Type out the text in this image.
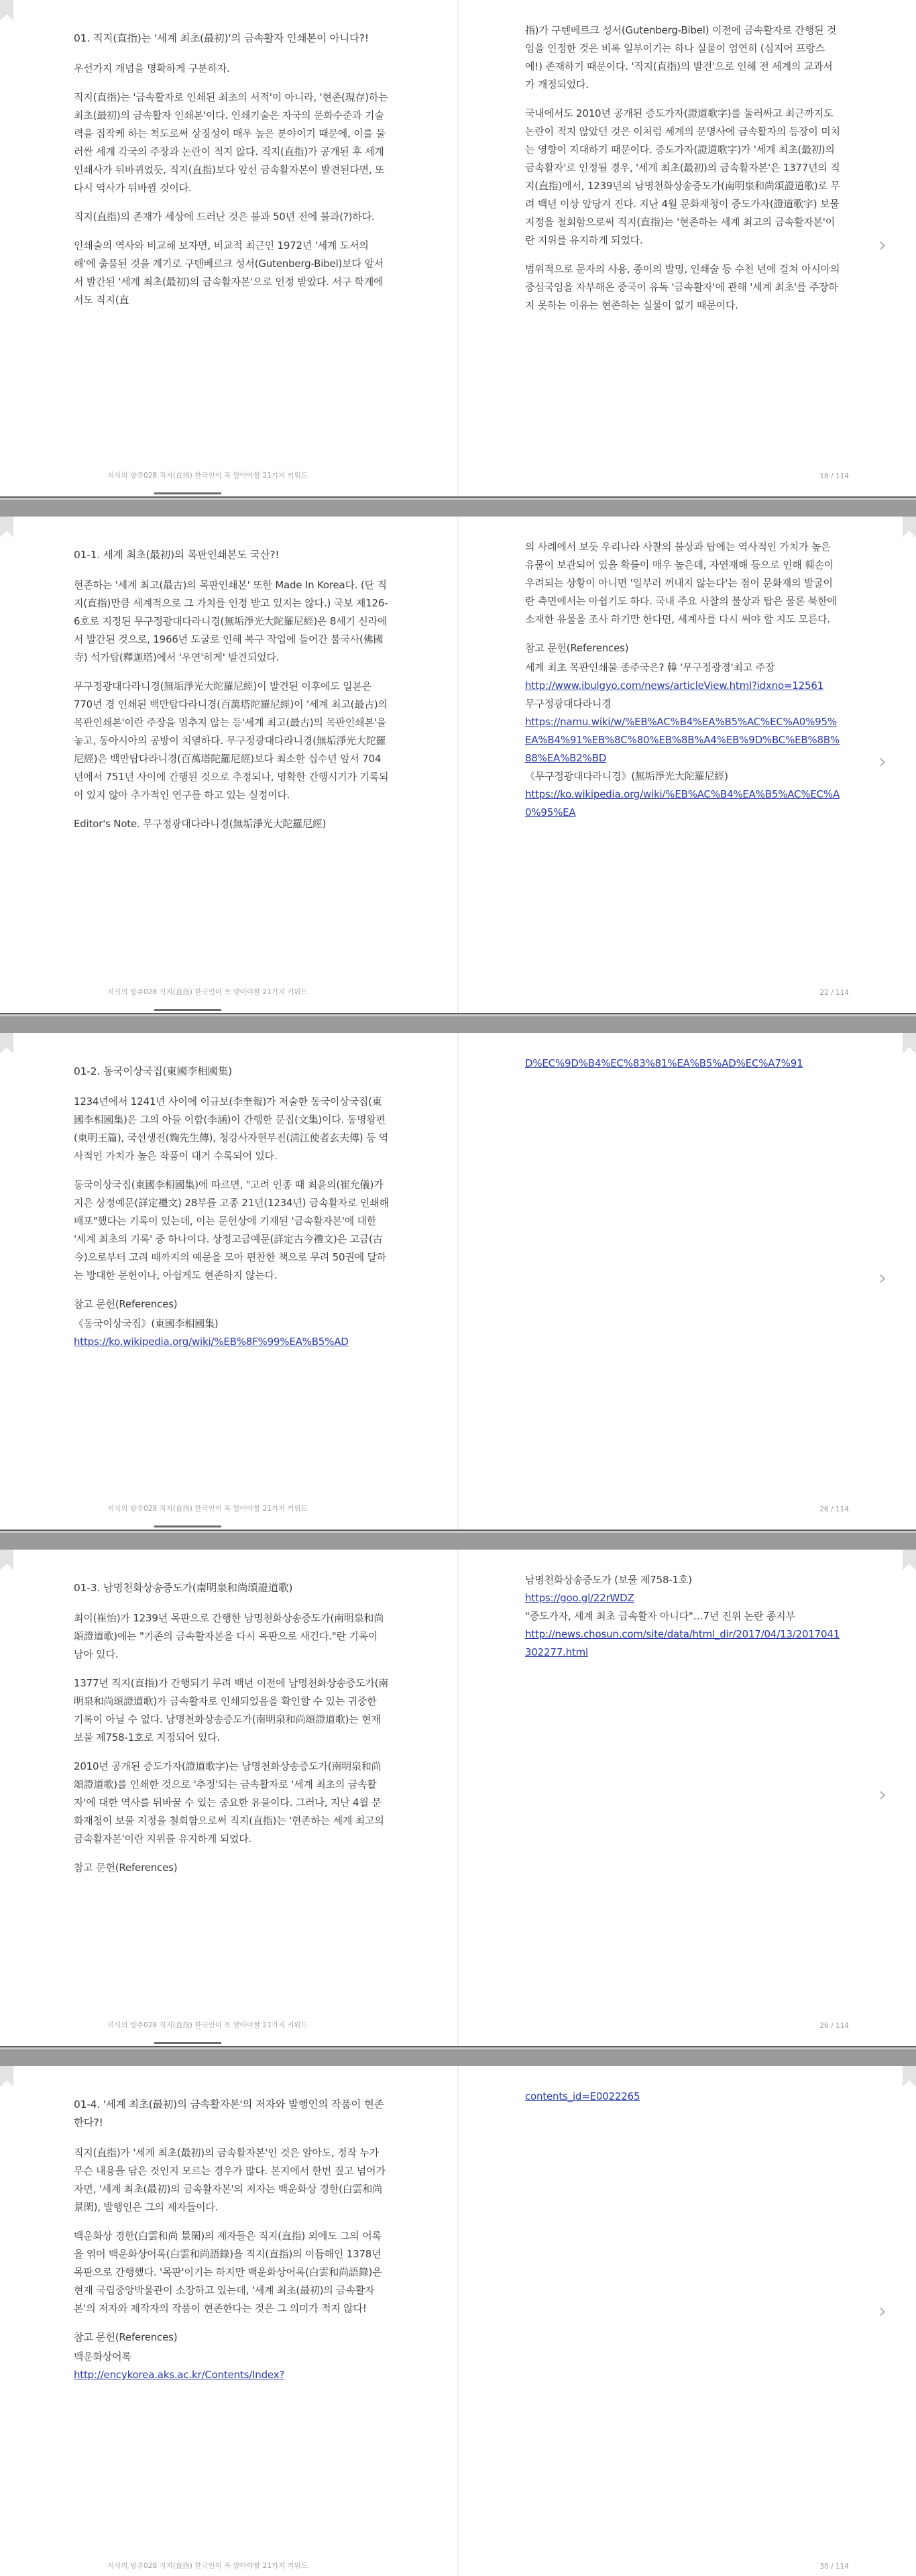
01. 직지(直指)는 '세계 최초(最初)'의 금속활자 인쇄본이 아니다?!

우선가지 개념을 명확하게 구분하자.

직지(直指)는 '금속활자로 인쇄된 최초의 서적'이 아니라, '현존(現存)하는 최초(最初)의 금속활자 인쇄본'이다. 인쇄기술은 자국의 문화수준과 기술력을 집작케 하는 척도로써 상징성이 매우 높은 분야이기 때문에, 이를 둘러싼 세계 각국의 주장과 논란이 적지 않다. 직지(直指)가 공개된 후 세계 인쇄사가 뒤바뀌었듯, 직지(直指)보다 앞선 금속활자본이 발견된다면, 또 다시 역사가 뒤바뀔 것이다.

직지(直指)의 존재가 세상에 드러난 것은 불과 50년 전에 불과(?)하다.

인쇄술의 역사와 비교해 보자면, 비교적 최근인 1972년 '세계 도서의 해'에 출품된 것을 계기로 구텐베르크 성서(Gutenberg-Bibel)보다 앞서서 발간된 '세계 최초(最初)의 금속활자본'으로 인정 받았다. 서구 학계에서도 직지(直

지식의 방주028 직지(直指) 한국인이 꼭 알아야할 21가지 키워드

指)가 구텐베르크 성서(Gutenberg-Bibel) 이전에 금속활자로 간행된 것임을 인정한 것은 비록 일부이기는 하나 실물이 엄연히 (심지어 프랑스에!) 존재하기 때문이다. '직지(直指)의 발견'으로 인해 전 세계의 교과서가 개정되었다.

국내에서도 2010년 공개된 증도가자(證道歌字)를 둘러싸고 최근까지도 논란이 적지 않았던 것은 이처럼 세계의 문명사에 금속활자의 등장이 미치는 영향이 지대하기 때문이다. 증도가자(證道歌字)가 '세계 최초(最初)의 금속활자'로 인정될 경우, '세계 최초(最初)의 금속활자본'은 1377년의 직지(直指)에서, 1239년의 남명천화상송증도가(南明泉和尚頌證道歌)로 무려 백년 이상 앞당겨 진다. 지난 4월 문화재청이 증도가자(證道歌字) 보물 지정을 철회함으로써 직지(直指)는 '현존하는 세계 최고의 금속활자본'이란 지위를 유지하게 되었다.

범위적으로 문자의 사용, 종이의 발명, 인쇄술 등 수천 년에 걸쳐 아시아의 중심국임을 자부해온 중국이 유독 '금속활자'에 관해 '세계 최초'를 주장하지 못하는 이유는 현존하는 실물이 없기 때문이다.

18 / 114
›

01-1. 세계 최초(最初)의 목판인쇄본도 국산?!

현존하는 '세계 최고(最古)의 목판인쇄본' 또한 Made In Korea다. (단 직지(直指)만큼 세계적으로 그 가치를 인정 받고 있지는 않다.) 국보 제126-6호로 지정된 무구정광대다라니경(無垢淨光大陀羅尼經)은 8세기 신라에서 발간된 것으로, 1966년 도굴로 인해 복구 작업에 들어간 불국사(佛國寺) 석가탑(釋迦塔)에서 '우연'히게' 발견되었다.

무구정광대다라니경(無垢淨光大陀羅尼經)이 발견된 이후에도 일본은 770년 경 인쇄된 백만탑다라니경(百萬塔陀羅尼經)이 '세계 최고(最古)의 목판인쇄본'이란 주장을 멈추지 않는 등'세계 최고(最古)의 목판인쇄본'을 놓고, 동아시아의 공방이 치열하다. 무구정광대다라니경(無垢淨光大陀羅尼經)은 백만탑다라니경(百萬塔陀羅尼經)보다 최소한 십수년 앞서 704년에서 751년 사이에 간행된 것으로 추정되나, 명확한 간행시기가 기록되어 있지 않아 추가적인 연구를 하고 있는 실정이다.

Editor's Note. 무구정광대다라니경(無垢淨光大陀羅尼經)

지식의 방주028 직지(直指) 한국인이 꼭 알아야할 21가지 키워드

의 사례에서 보듯 우리나라 사찰의 불상과 탑에는 역사적인 가치가 높은 유물이 보관되어 있을 확률이 매우 높은데, 자연재해 등으로 인해 훼손이 우려되는 상황이 아니면 '일부러 꺼내지 않는다'는 점이 문화재의 발굴이란 측면에서는 아쉽기도 하다. 국내 주요 사찰의 불상과 탑은 물론 북한에 소재한 유물을 조사 하기만 한다면, 세계사를 다시 써야 할 지도 모른다.

참고 문헌(References)

세계 최초 목판인쇄물 종주국은? 韓 '무구정광경'최고 주장
http://www.ibulgyo.com/news/articleView.html?idxno=12561
무구정광대다라니경
https://namu.wiki/w/%EB%AC%B4%EA%B5%AC%EC%A0%95%EA%B4%91%EB%8C%80%EB%8B%A4%EB%9D%BC%EB%8B%88%EA%B2%BD
《무구정광대다라니경》(無垢淨光大陀羅尼經)
https://ko.wikipedia.org/wiki/%EB%AC%B4%EA%B5%AC%EC%A0%95%EA
22 / 114
›

01-2. 동국이상국집(東國李相國集)

1234년에서 1241년 사이에 이규보(李奎報)가 저술한 동국이상국집(東國李相國集)은 그의 아들 이함(李涵)이 간행한 문집(文集)이다. 동명왕편(東明王篇), 국선생전(麴先生傳), 청강사자현부전(淸江使者玄夫傳) 등 역사적인 가치가 높은 작품이 대거 수록되어 있다.

동국이상국집(東國李相國集)에 따르면, "고려 인종 때 최윤의(崔允儀)가 지은 상정예문(詳定禮文) 28부를 고종 21년(1234년) 금속활자로 인쇄해 배포"했다는 기록이 있는데, 이는 문헌상에 기재된 '금속활자본'에 대한 '세계 최초의 기록' 중 하나이다. 상정고금예문(詳定古今禮文)은 고금(古今)으로부터 고려 때까지의 예문을 모아 편찬한 책으로 무려 50권에 달하는 방대한 문헌이나, 아쉽게도 현존하지 않는다.

참고 문헌(References)

《동국이상국집》(東國李相國集)
https://ko.wikipedia.org/wiki/%EB%8F%99%EA%B5%AD
지식의 방주028 직지(直指) 한국인이 꼭 알아야할 21가지 키워드
D%EC%9D%B4%EC%83%81%EA%B5%AD%EC%A7%91
26 / 114
›

01-3. 남명천화상송증도가(南明泉和尚頌證道歌)

최이(崔怡)가 1239년 목판으로 간행한 남명천화상송증도가(南明泉和尚頌證道歌)에는 "기존의 금속활자본을 다시 목판으로 새긴다."란 기록이 남아 있다.

1377년 직지(直指)가 간행되기 무려 백년 이전에 남명천화상송증도가(南明泉和尚頌證道歌)가 금속활자로 인쇄되었음을 확인할 수 있는 귀중한 기록이 아닐 수 없다. 남명천화상송증도가(南明泉和尚頌證道歌)는 현재 보물 제758-1호로 지정되어 있다.

2010년 공개된 증도가자(證道歌字)는 남명천화상송증도가(南明泉和尚頌證道歌)를 인쇄한 것으로 '추정'되는 금속활자로 '세계 최초의 금속활자'에 대한 역사를 뒤바꿀 수 있는 중요한 유물이다. 그러나, 지난 4월 문화재청이 보물 지정을 철회함으로써 직지(直指)는 '현존하는 세계 최고의 금속활자본'이란 지위를 유지하게 되었다.

참고 문헌(References)

지식의 방주028 직지(直指) 한국인이 꼭 알아야할 21가지 키워드
남명천화상송증도가 (보물 제758-1호)
https://goo.gl/22rWDZ
"증도가자, 세계 최초 금속활자 아니다"…7년 진위 논란 종지부
http://news.chosun.com/site/data/html_dir/2017/04/13/2017041302277.html
26 / 114
›

01-4. '세계 최초(最初)의 금속활자본'의 저자와 발행인의 작품이 현존한다?!

직지(直指)가 '세계 최초(最初)의 금속활자본'인 것은 알아도, 정작 누가 무슨 내용을 담은 것인지 모르는 경우가 많다. 본지에서 한번 짚고 넘어가자면, '세계 최초(最初)의 금속활자본'의 저자는 백운화상 경한(白雲和尚 景閑), 발행인은 그의 제자들이다.

백운화상 경한(白雲和尚 景閑)의 제자들은 직지(直指) 외에도 그의 어록을 엮어 백운화상어록(白雲和尚語錄)을 직지(直指)의 이듬해인 1378년 목판으로 간행했다. '목판'이기는 하지만 백운화상어록(白雲和尚語錄)은 현재 국립중앙박물관이 소장하고 있는데, '세계 최초(最初)의 금속활자본'의 저자와 제작자의 작품이 현존한다는 것은 그 의미가 적지 않다!

참고 문헌(References)

백운화상어록
http://encykorea.aks.ac.kr/Contents/Index?
지식의 방주028 직지(直指) 한국인이 꼭 알아야할 21가지 키워드
contents_id=E0022265
30 / 114
›
